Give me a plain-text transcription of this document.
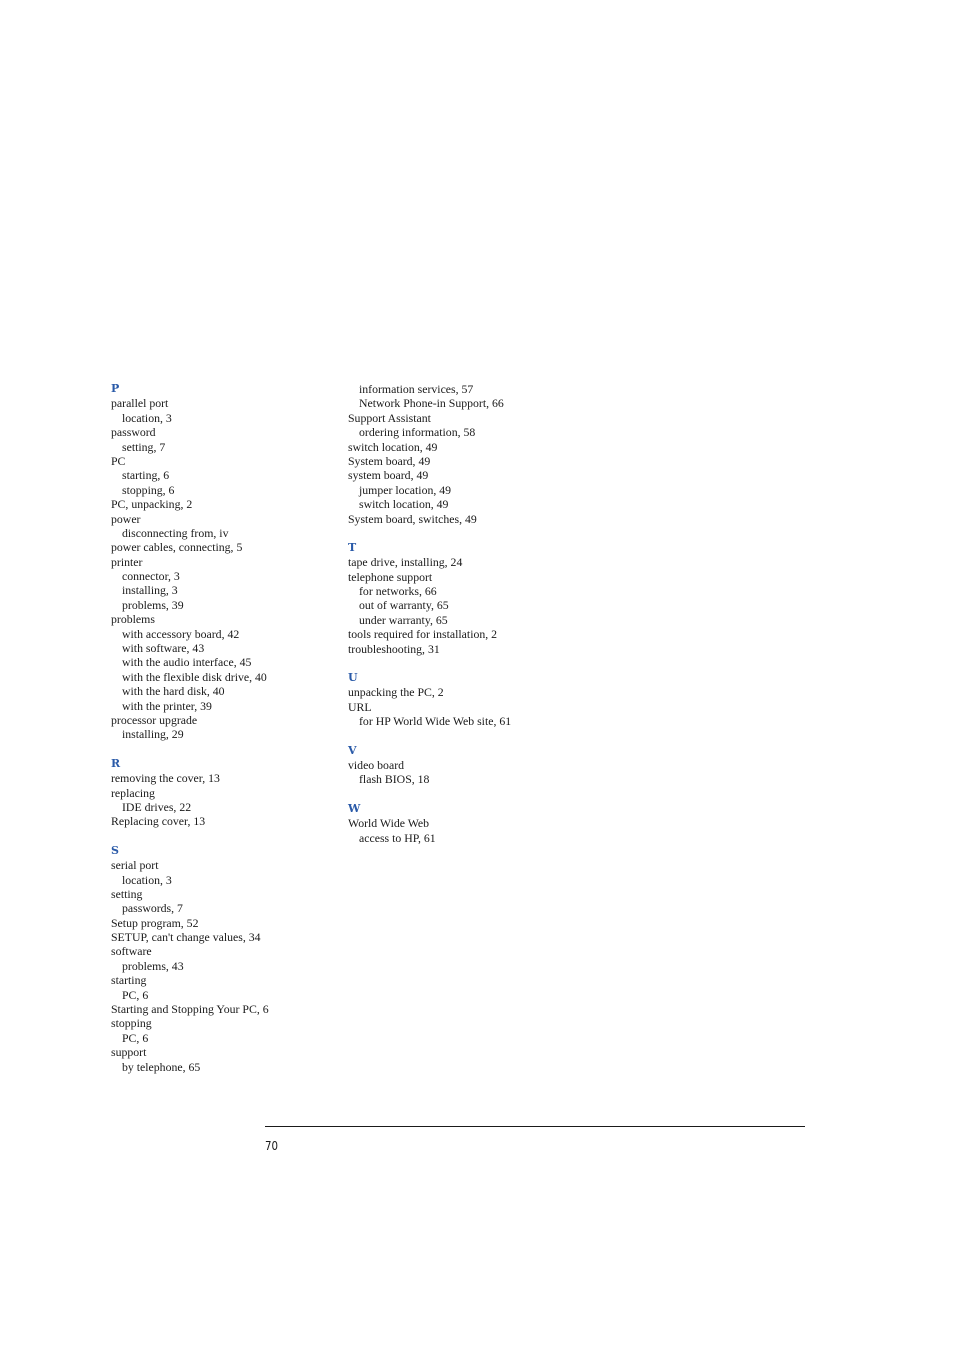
P
parallel port
location, 3
password
setting, 7
PC
starting, 6
stopping, 6
PC, unpacking, 2
power
disconnecting from, iv
power cables, connecting, 5
printer
connector, 3
installing, 3
problems, 39
problems
with accessory board, 42
with software, 43
with the audio interface, 45
with the flexible disk drive, 40
with the hard disk, 40
with the printer, 39
processor upgrade
installing, 29
R
removing the cover, 13
replacing
IDE drives, 22
Replacing cover, 13
S
serial port
location, 3
setting
passwords, 7
Setup program, 52
SETUP, can't change values, 34
software
problems, 43
starting
PC, 6
Starting and Stopping Your PC, 6
stopping
PC, 6
support
by telephone, 65
information services, 57
Network Phone-in Support, 66
Support Assistant
ordering information, 58
switch location, 49
System board, 49
system board, 49
jumper location, 49
switch location, 49
System board, switches, 49
T
tape drive, installing, 24
telephone support
for networks, 66
out of warranty, 65
under warranty, 65
tools required for installation, 2
troubleshooting, 31
U
unpacking the PC, 2
URL
for HP World Wide Web site, 61
V
video board
flash BIOS, 18
W
World Wide Web
access to HP, 61
70
